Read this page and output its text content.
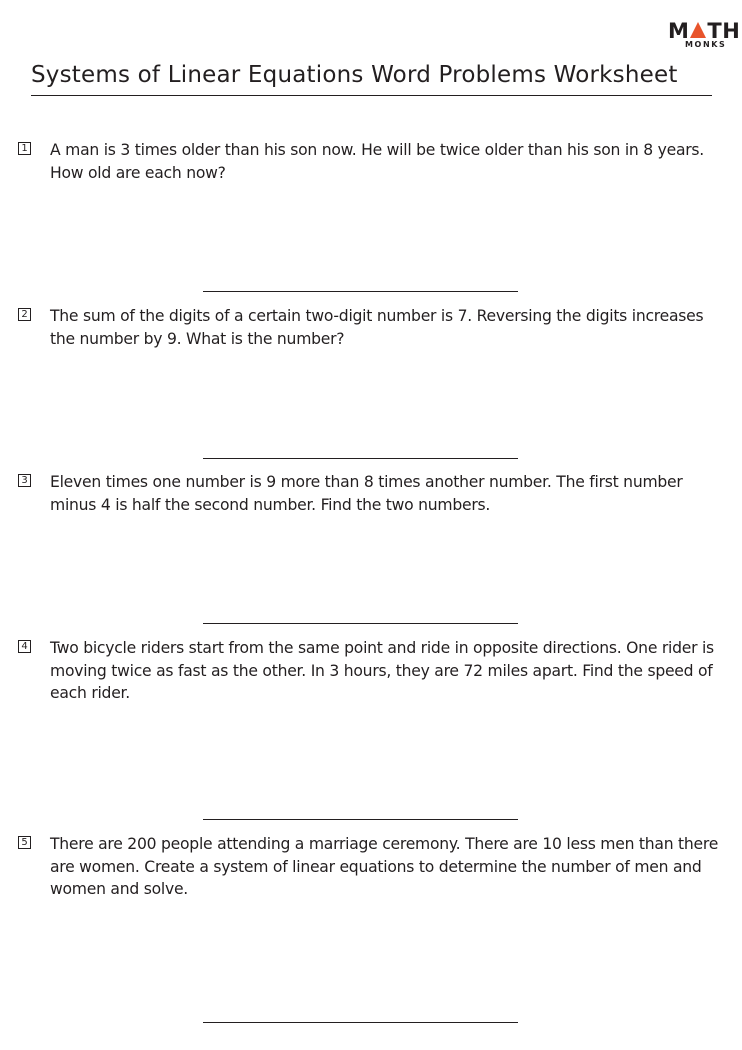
M TH
MONKS
Systems of Linear Equations Word Problems Worksheet
1 A man is 3 times older than his son now. He will be twice older than his son in 8 years. How old are each now?

2 The sum of the digits of a certain two-digit number is 7. Reversing the digits increases the number by 9. What is the number?

3 Eleven times one number is 9 more than 8 times another number. The first number minus 4 is half the second number. Find the two numbers.

4 Two bicycle riders start from the same point and ride in opposite directions. One rider is moving twice as fast as the other. In 3 hours, they are 72 miles apart. Find the speed of each rider.

5 There are 200 people attending a marriage ceremony. There are 10 less men than there are women. Create a system of linear equations to determine the number of men and women and solve.
